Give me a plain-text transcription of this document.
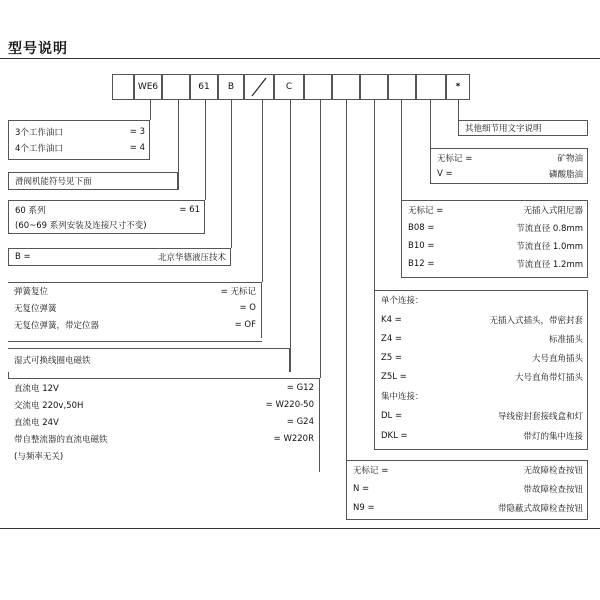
型号说明
WE6	61	B	C	*
3个工作油口	= 3
4个工作油口	= 4
滑阀机能符号见下面
60 系列	= 61
(60~69 系列安装及连接尺寸不变)
B =	北京华德液压技术
弹簧复位	= 无标记
无复位弹簧	= O
无复位弹簧，带定位器	= OF
湿式可换线圈电磁铁
直流电 12V	= G12
交流电 220v,50H	= W220-50
直流电 24V	= G24
带自整流器的直流电磁铁	= W220R
(与频率无关)
其他细节用文字说明
无标记 =	矿物油
V =	磷酸脂油
无标记 =	无插入式阻尼器
B08 =	节流直径 0.8mm
B10 =	节流直径 1.0mm
B12 =	节流直径 1.2mm
单个连接：
K4 =	无插入式插头，带密封套
Z4 =	标准插头
Z5 =	大号直角插头
Z5L =	大号直角带灯插头
集中连接：
DL =	导线密封套接线盒和灯
DKL =	带灯的集中连接
无标记 =	无故障检查按钮
N =	带故障检查按钮
N9 =	带隐蔽式故障检查按钮
